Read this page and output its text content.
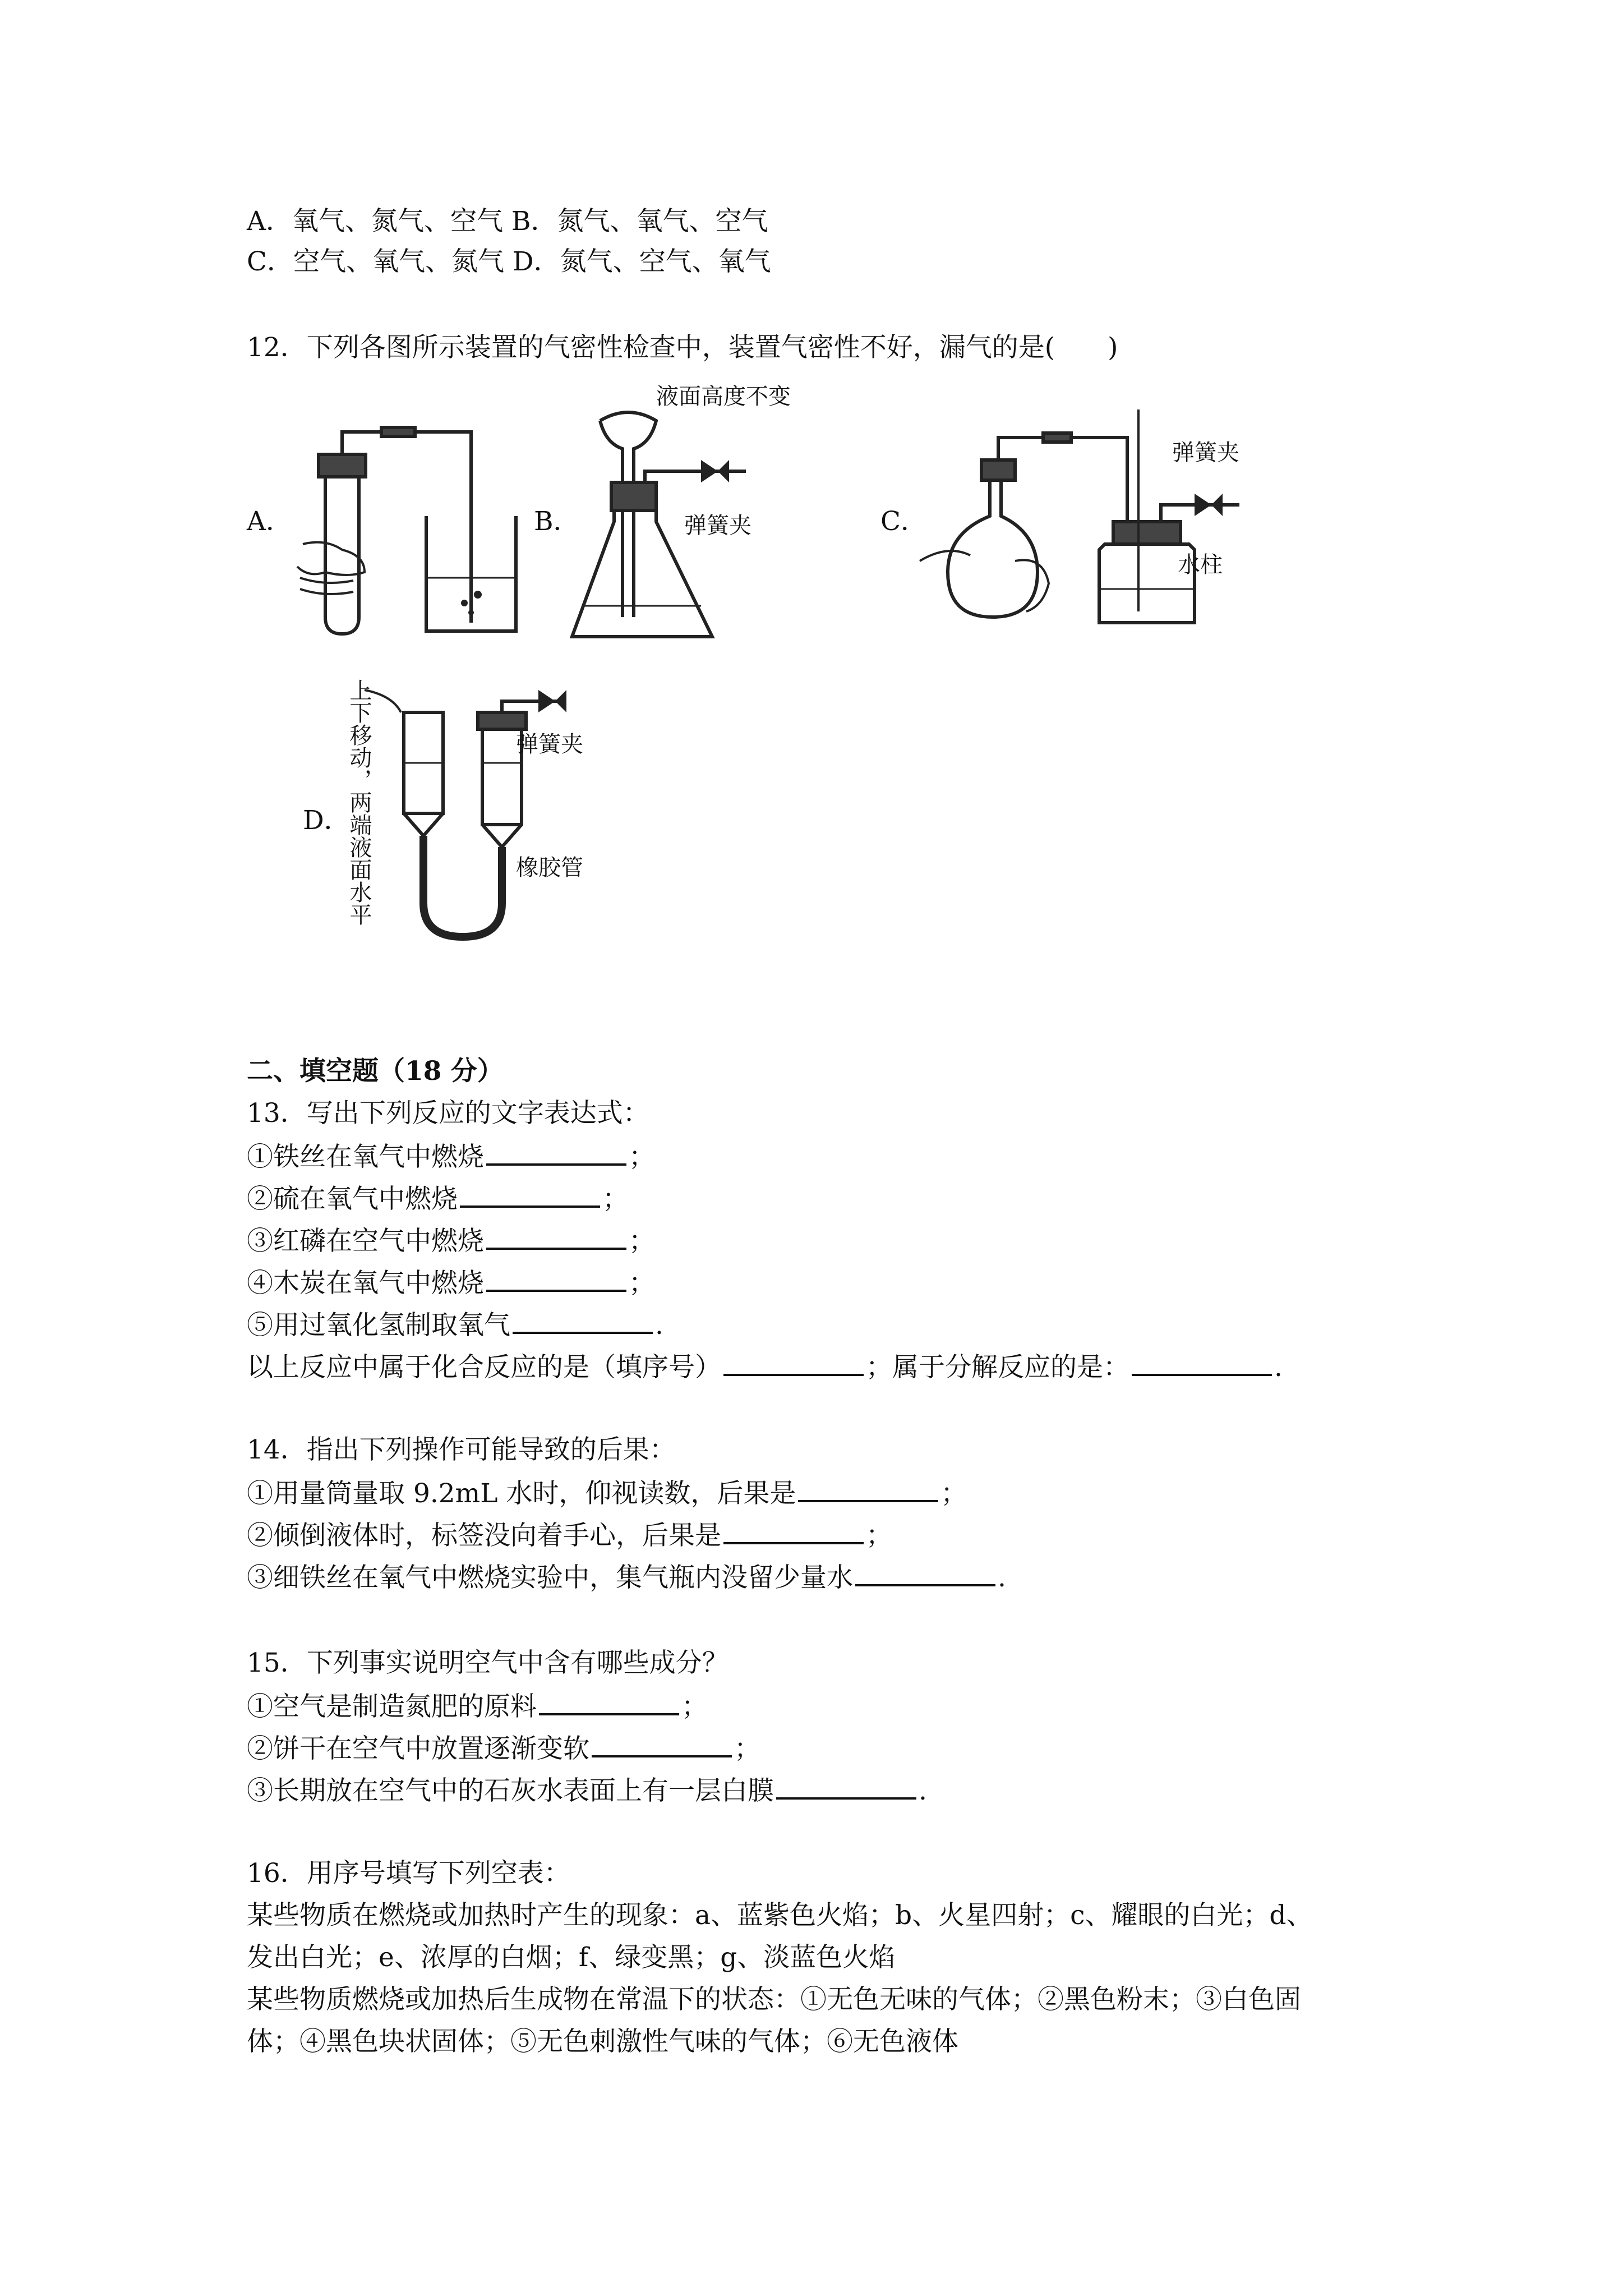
A．氧气、氮气、空气 B．氮气、氧气、空气
C．空气、氧气、氮气 D．氮气、空气、氧气
12．下列各图所示装置的气密性检查中，装置气密性不好，漏气的是(　　)
A．	B．	C．
D．
液面高度不变
弹簧夹
弹簧夹
水柱
弹簧夹
橡胶管
上下移动，两端液面水平
二、填空题（18 分）
13．写出下列反应的文字表达式：
①铁丝在氧气中燃烧	；
②硫在氧气中燃烧	；
③红磷在空气中燃烧	；
④木炭在氧气中燃烧	；
⑤用过氧化氢制取氧气	.
以上反应中属于化合反应的是（填序号）	；属于分解反应的是：	.
14．指出下列操作可能导致的后果：
①用量筒量取 9.2mL 水时，仰视读数，后果是	；
②倾倒液体时，标签没向着手心，后果是	；
③细铁丝在氧气中燃烧实验中，集气瓶内没留少量水	.
15．下列事实说明空气中含有哪些成分？
①空气是制造氮肥的原料	；
②饼干在空气中放置逐渐变软	；
③长期放在空气中的石灰水表面上有一层白膜	.
16．用序号填写下列空表：
某些物质在燃烧或加热时产生的现象：a、蓝紫色火焰；b、火星四射；c、耀眼的白光；d、
发出白光；e、浓厚的白烟；f、绿变黑；g、淡蓝色火焰
某些物质燃烧或加热后生成物在常温下的状态：①无色无味的气体；②黑色粉末；③白色固
体；④黑色块状固体；⑤无色刺激性气味的气体；⑥无色液体
